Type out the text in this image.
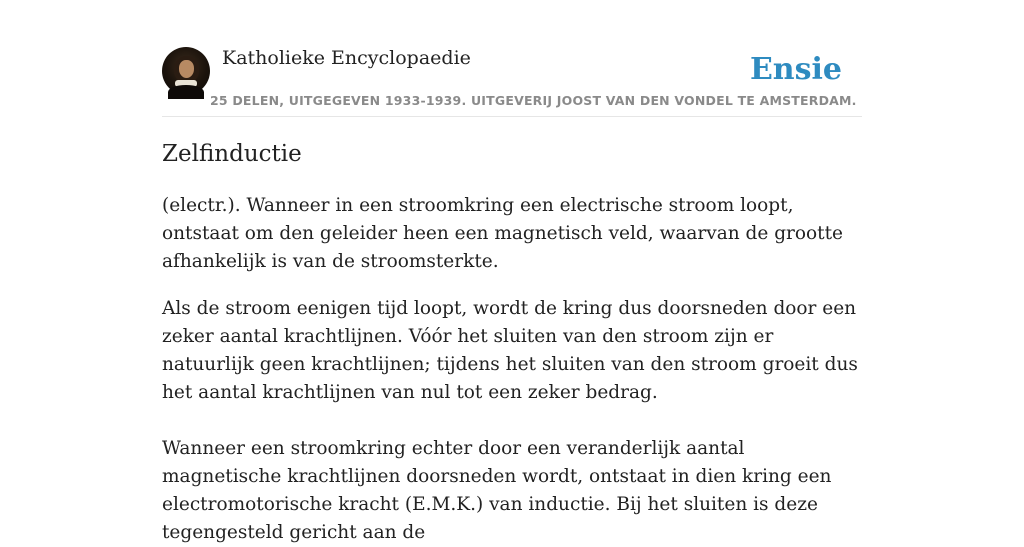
Katholieke Encyclopaedie	Ensie
25 DELEN, UITGEGEVEN 1933-1939. UITGEVERIJ JOOST VAN DEN VONDEL TE AMSTERDAM.
Zelfinductie

(electr.). Wanneer in een stroomkring een electrische stroom loopt, ontstaat om den geleider heen een magnetisch veld, waarvan de grootte afhankelijk is van de stroomsterkte.

Als de stroom eenigen tijd loopt, wordt de kring dus doorsneden door een zeker aantal krachtlijnen. Vóór het sluiten van den stroom zijn er natuurlijk geen krachtlijnen; tijdens het sluiten van den stroom groeit dus het aantal krachtlijnen van nul tot een zeker bedrag.

Wanneer een stroomkring echter door een veranderlijk aantal magnetische krachtlijnen doorsneden wordt, ontstaat in dien kring een electromotorische kracht (E.M.K.) van inductie. Bij het sluiten is deze tegengesteld gericht aan de
